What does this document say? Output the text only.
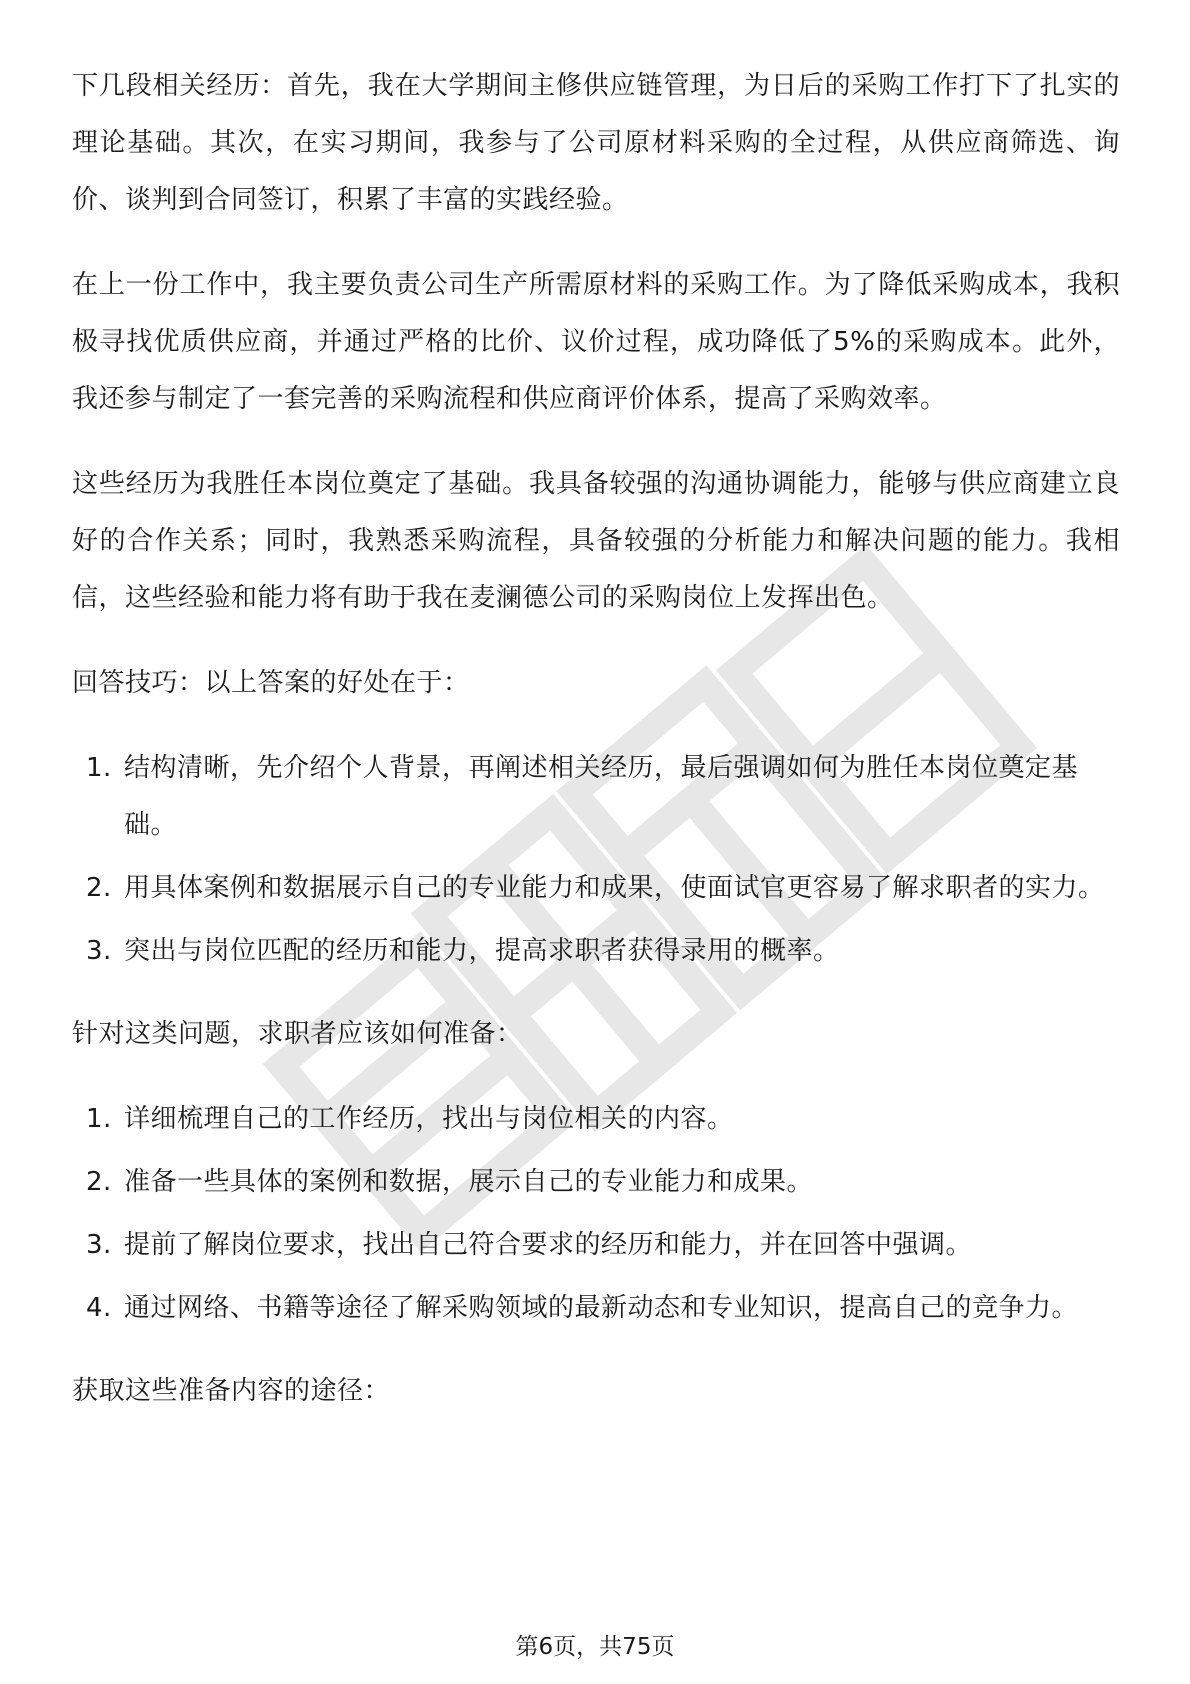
下几段相关经历：首先，我在大学期间主修供应链管理，为日后的采购工作打下了扎实的理论基础。其次，在实习期间，我参与了公司原材料采购的全过程，从供应商筛选、询价、谈判到合同签订，积累了丰富的实践经验。

在上一份工作中，我主要负责公司生产所需原材料的采购工作。为了降低采购成本，我积极寻找优质供应商，并通过严格的比价、议价过程，成功降低了5%的采购成本。此外，我还参与制定了一套完善的采购流程和供应商评价体系，提高了采购效率。

这些经历为我胜任本岗位奠定了基础。我具备较强的沟通协调能力，能够与供应商建立良好的合作关系；同时，我熟悉采购流程，具备较强的分析能力和解决问题的能力。我相信，这些经验和能力将有助于我在麦澜德公司的采购岗位上发挥出色。

回答技巧：以上答案的好处在于：

1. 结构清晰，先介绍个人背景，再阐述相关经历，最后强调如何为胜任本岗位奠定基础。
2. 用具体案例和数据展示自己的专业能力和成果，使面试官更容易了解求职者的实力。
3. 突出与岗位匹配的经历和能力，提高求职者获得录用的概率。

针对这类问题，求职者应该如何准备：

1. 详细梳理自己的工作经历，找出与岗位相关的内容。
2. 准备一些具体的案例和数据，展示自己的专业能力和成果。
3. 提前了解岗位要求，找出自己符合要求的经历和能力，并在回答中强调。
4. 通过网络、书籍等途径了解采购领域的最新动态和专业知识，提高自己的竞争力。

获取这些准备内容的途径：

第6页，共75页
